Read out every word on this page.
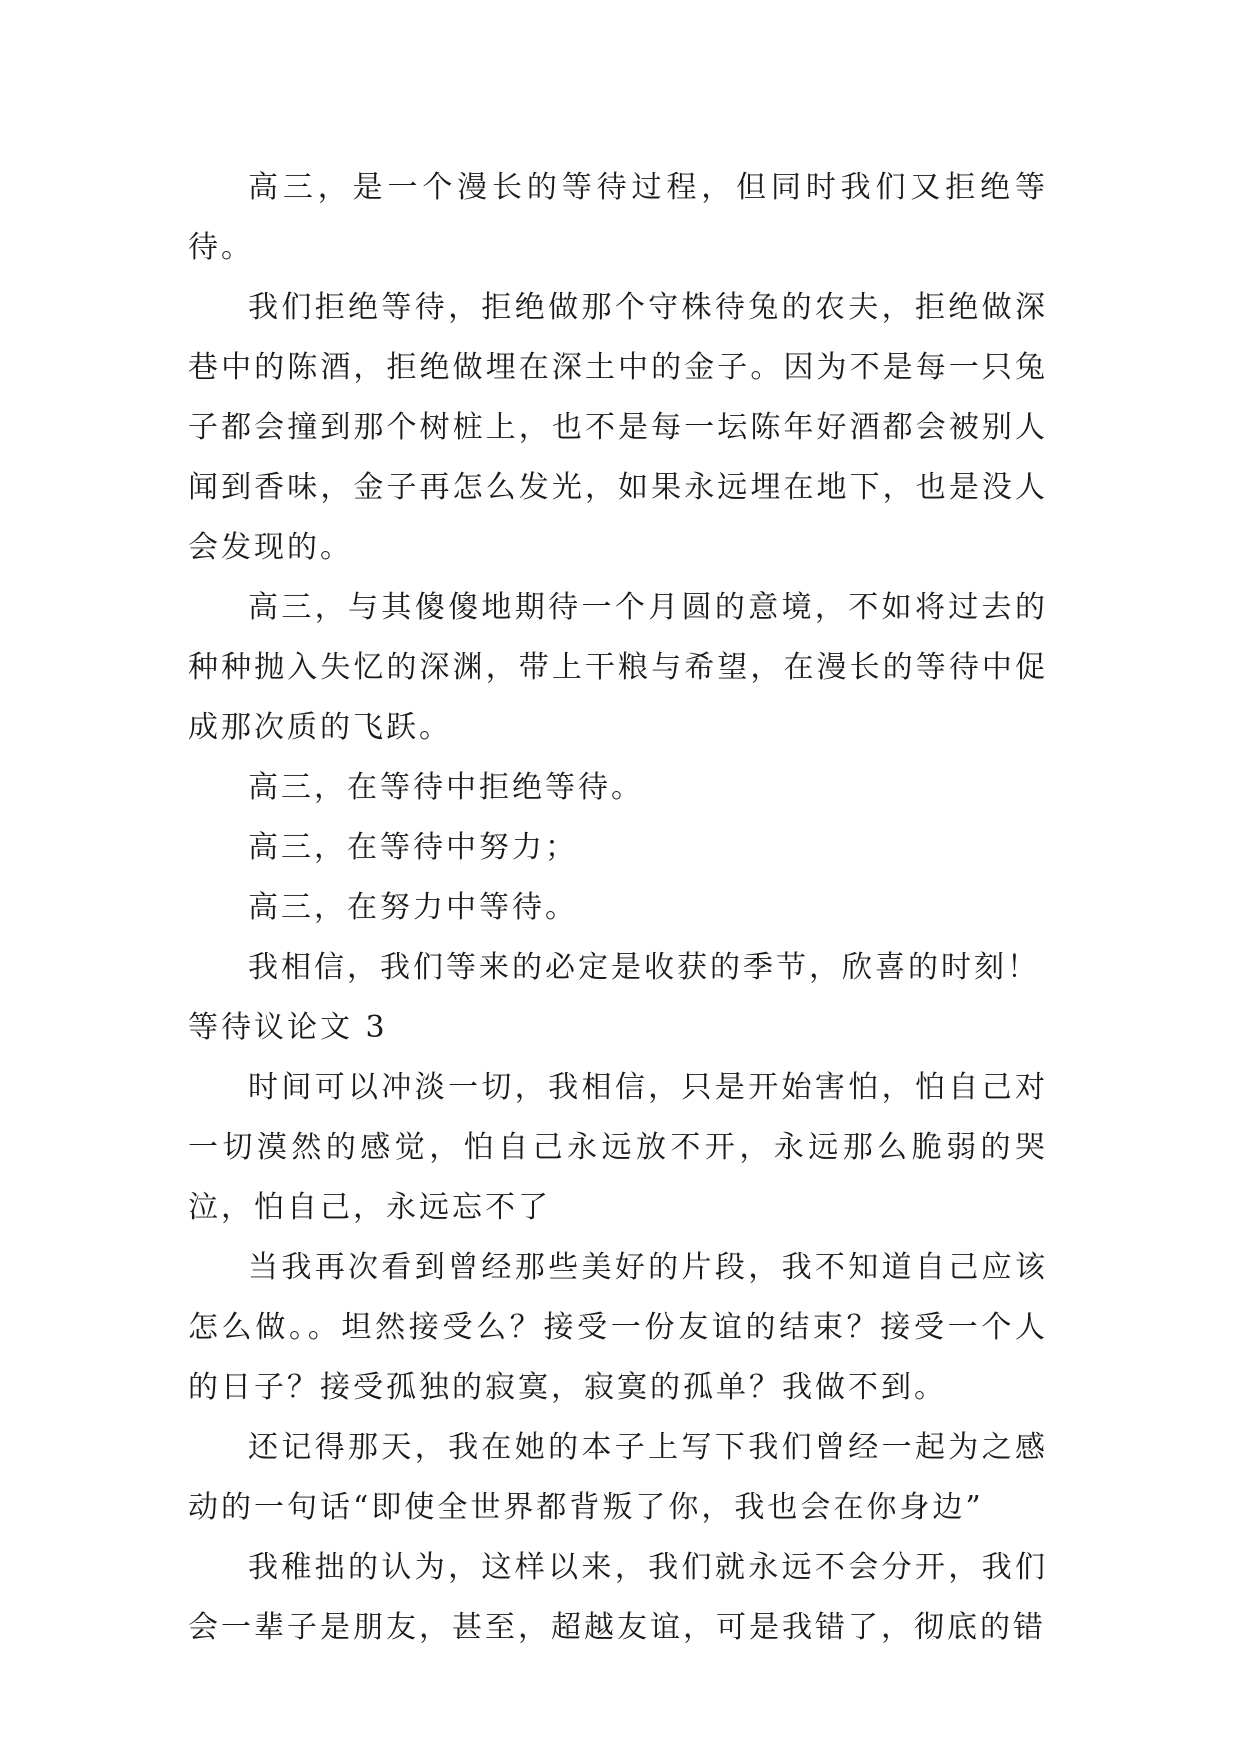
高三，是一个漫长的等待过程，但同时我们又拒绝等待。

我们拒绝等待，拒绝做那个守株待兔的农夫，拒绝做深巷中的陈酒，拒绝做埋在深土中的金子。因为不是每一只兔子都会撞到那个树桩上，也不是每一坛陈年好酒都会被别人闻到香味，金子再怎么发光，如果永远埋在地下，也是没人会发现的。

高三，与其傻傻地期待一个月圆的意境，不如将过去的种种抛入失忆的深渊，带上干粮与希望，在漫长的等待中促成那次质的飞跃。

高三，在等待中拒绝等待。

高三，在等待中努力；

高三，在努力中等待。

我相信，我们等来的必定是收获的季节，欣喜的时刻！

等待议论文 3

时间可以冲淡一切，我相信，只是开始害怕，怕自己对一切漠然的感觉，怕自己永远放不开，永远那么脆弱的哭泣，怕自己，永远忘不了

当我再次看到曾经那些美好的片段，我不知道自己应该怎么做。。坦然接受么？接受一份友谊的结束？接受一个人的日子？接受孤独的寂寞，寂寞的孤单？我做不到。

还记得那天，我在她的本子上写下我们曾经一起为之感动的一句话“即使全世界都背叛了你，我也会在你身边”

我稚拙的认为，这样以来，我们就永远不会分开，我们会一辈子是朋友，甚至，超越友谊，可是我错了，彻底的错
